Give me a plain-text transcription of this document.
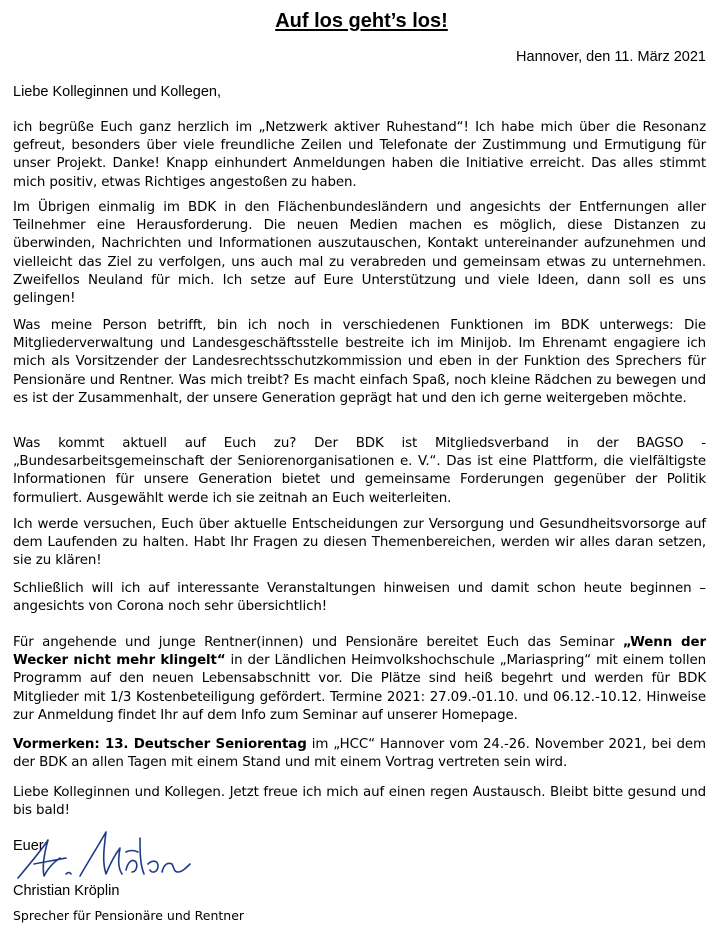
Auf los geht’s los!
Hannover, den 11. März 2021
Liebe Kolleginnen und Kollegen,
ich begrüße Euch ganz herzlich im „Netzwerk aktiver Ruhestand“! Ich habe mich über die Resonanz gefreut, besonders über viele freundliche Zeilen und Telefonate der Zustimmung und Ermutigung für unser Projekt. Danke! Knapp einhundert Anmeldungen haben die Initiative erreicht. Das alles stimmt mich positiv, etwas Richtiges angestoßen zu haben.
Im Übrigen einmalig im BDK in den Flächenbundesländern und angesichts der Entfernungen aller Teilnehmer eine Herausforderung. Die neuen Medien machen es möglich, diese Distanzen zu überwinden, Nachrichten und Informationen auszutauschen, Kontakt untereinander aufzunehmen und vielleicht das Ziel zu verfolgen, uns auch mal zu verabreden und gemeinsam etwas zu unternehmen. Zweifellos Neuland für mich. Ich setze auf Eure Unterstützung und viele Ideen, dann soll es uns gelingen!
Was meine Person betrifft, bin ich noch in verschiedenen Funktionen im BDK unterwegs: Die Mitgliederverwaltung und Landesgeschäftsstelle bestreite ich im Minijob. Im Ehrenamt engagiere ich mich als Vorsitzender der Landesrechtsschutzkommission und eben in der Funktion des Sprechers für Pensionäre und Rentner. Was mich treibt? Es macht einfach Spaß, noch kleine Rädchen zu bewegen und es ist der Zusammenhalt, der unsere Generation geprägt hat und den ich gerne weitergeben möchte.
Was kommt aktuell auf Euch zu? Der BDK ist Mitgliedsverband in der BAGSO - „Bundesarbeitsgemeinschaft der Seniorenorganisationen e. V.“. Das ist eine Plattform, die vielfältigste Informationen für unsere Generation bietet und gemeinsame Forderungen gegenüber der Politik formuliert. Ausgewählt werde ich sie zeitnah an Euch weiterleiten.
Ich werde versuchen, Euch über aktuelle Entscheidungen zur Versorgung und Gesundheitsvorsorge auf dem Laufenden zu halten. Habt Ihr Fragen zu diesen Themenbereichen, werden wir alles daran setzen, sie zu klären!
Schließlich will ich auf interessante Veranstaltungen hinweisen und damit schon heute beginnen – angesichts von Corona noch sehr übersichtlich!
Für angehende und junge Rentner(innen) und Pensionäre bereitet Euch das Seminar „Wenn der Wecker nicht mehr klingelt“ in der Ländlichen Heimvolkshochschule „Mariaspring“ mit einem tollen Programm auf den neuen Lebensabschnitt vor. Die Plätze sind heiß begehrt und werden für BDK Mitglieder mit 1/3 Kostenbeteiligung gefördert. Termine 2021: 27.09.-01.10. und 06.12.-10.12. Hinweise zur Anmeldung findet Ihr auf dem Info zum Seminar auf unserer Homepage.
Vormerken: 13. Deutscher Seniorentag im „HCC“ Hannover vom 24.-26. November 2021, bei dem der BDK an allen Tagen mit einem Stand und mit einem Vortrag vertreten sein wird.
Liebe Kolleginnen und Kollegen. Jetzt freue ich mich auf einen regen Austausch. Bleibt bitte gesund und bis bald!
Euer
Christian Kröplin
Sprecher für Pensionäre und Rentner
